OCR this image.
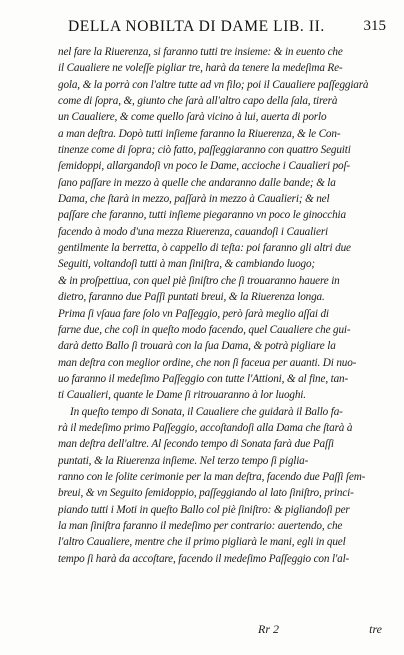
DELLA NOBILTA DI DAME LIB. II.	315
nel fare la Riuerenza, si faranno tutti tre insieme: & in euento che
il Caualiere ne voleſſe pigliar tre, harà da tenere la medeſima Re-
gola, & la porrà con l'altre tutte ad vn filo; poi il Caualiere paſſeggiarà
come di ſopra, &, giunto che ſarà all'altro capo della ſala, tirerà
un Caualiere, & come quello ſarà vicino à lui, auerta di porlo
a man deſtra. Dopò tutti inſieme faranno la Riuerenza, & le Con-
tinenze come di ſopra; ciò fatto, paſſeggiaranno con quattro Seguiti
ſemidoppi, allargandoſi vn poco le Dame, accioche i Caualieri poſ-
ſano paſſare in mezzo à quelle che andaranno dalle bande; & la
Dama, che ſtarà in mezzo, paſſarà in mezzo à Caualieri; & nel
paſſare che faranno, tutti inſieme piegaranno vn poco le ginocchia
facendo à modo d'una mezza Riuerenza, cauandoſi i Caualieri
gentilmente la berretta, ò cappello di teſta: poi faranno gli altri due
Seguiti, voltandoſi tutti à man ſiniſtra, & cambiando luogo;
& in proſpettiua, con quel piè ſiniſtro che ſi trouaranno hauere in
dietro, faranno due Paſſi puntati breui, & la Riuerenza longa.
Prima ſi vſaua fare ſolo vn Paſſeggio, però ſarà meglio aſſai di
farne due, che coſi in queſto modo facendo, quel Caualiere che gui-
darà detto Ballo ſi trouarà con la ſua Dama, & potrà pigliare la
man deſtra con meglior ordine, che non ſi faceua per auanti. Di nuo-
uo faranno il medeſimo Paſſeggio con tutte l'Attioni, & al fine, tan-
ti Caualieri, quante le Dame ſi ritrouaranno à lor luoghi.
In queſto tempo di Sonata, il Caualiere che guidarà il Ballo fa-
rà il medeſimo primo Paſſeggio, accoſtandoſi alla Dama che ſtarà à
man deſtra dell'altre. Al ſecondo tempo di Sonata farà due Paſſi
puntati, & la Riuerenza inſieme. Nel terzo tempo ſi piglia-
ranno con le ſolite cerimonie per la man deſtra, facendo due Paſſi ſem-
breui, & vn Seguito ſemidoppio, paſſeggiando al lato ſiniſtro, princi-
piando tutti i Moti in queſto Ballo col piè ſiniſtro: & pigliandoſi per
la man ſiniſtra faranno il medeſimo per contrario: auertendo, che
l'altro Caualiere, mentre che il primo pigliarà le mani, egli in quel
tempo ſi harà da accoſtare, facendo il medeſimo Paſſeggio con l'al-
Rr 2	tre
